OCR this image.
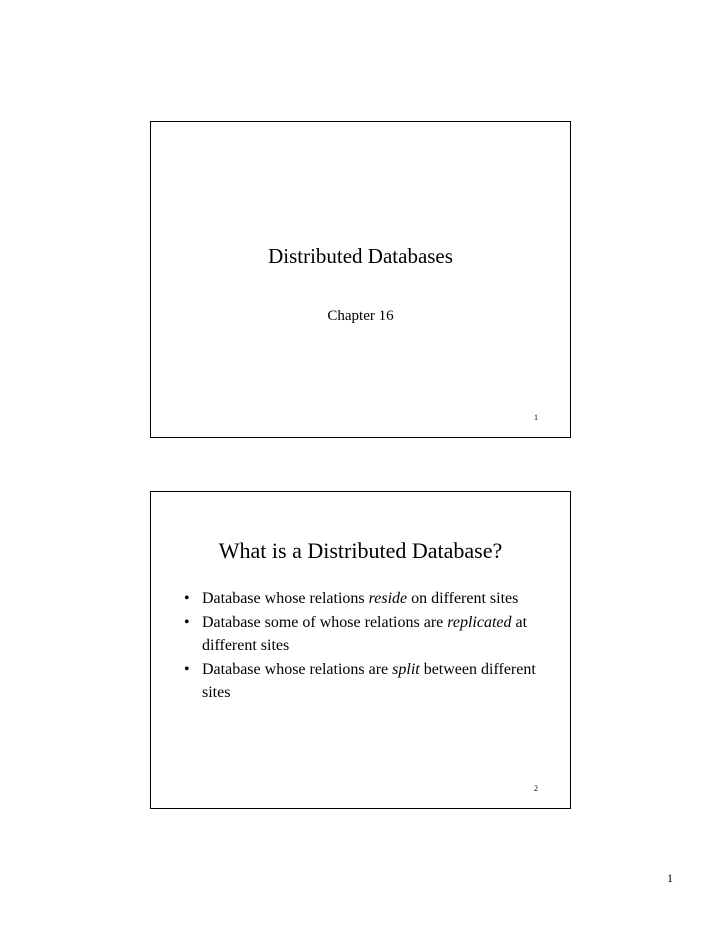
Distributed Databases
Chapter 16
1
What is a Distributed Database?
• Database whose relations reside on different sites
• Database some of whose relations are replicated at different sites
• Database whose relations are split between different sites
2
1
